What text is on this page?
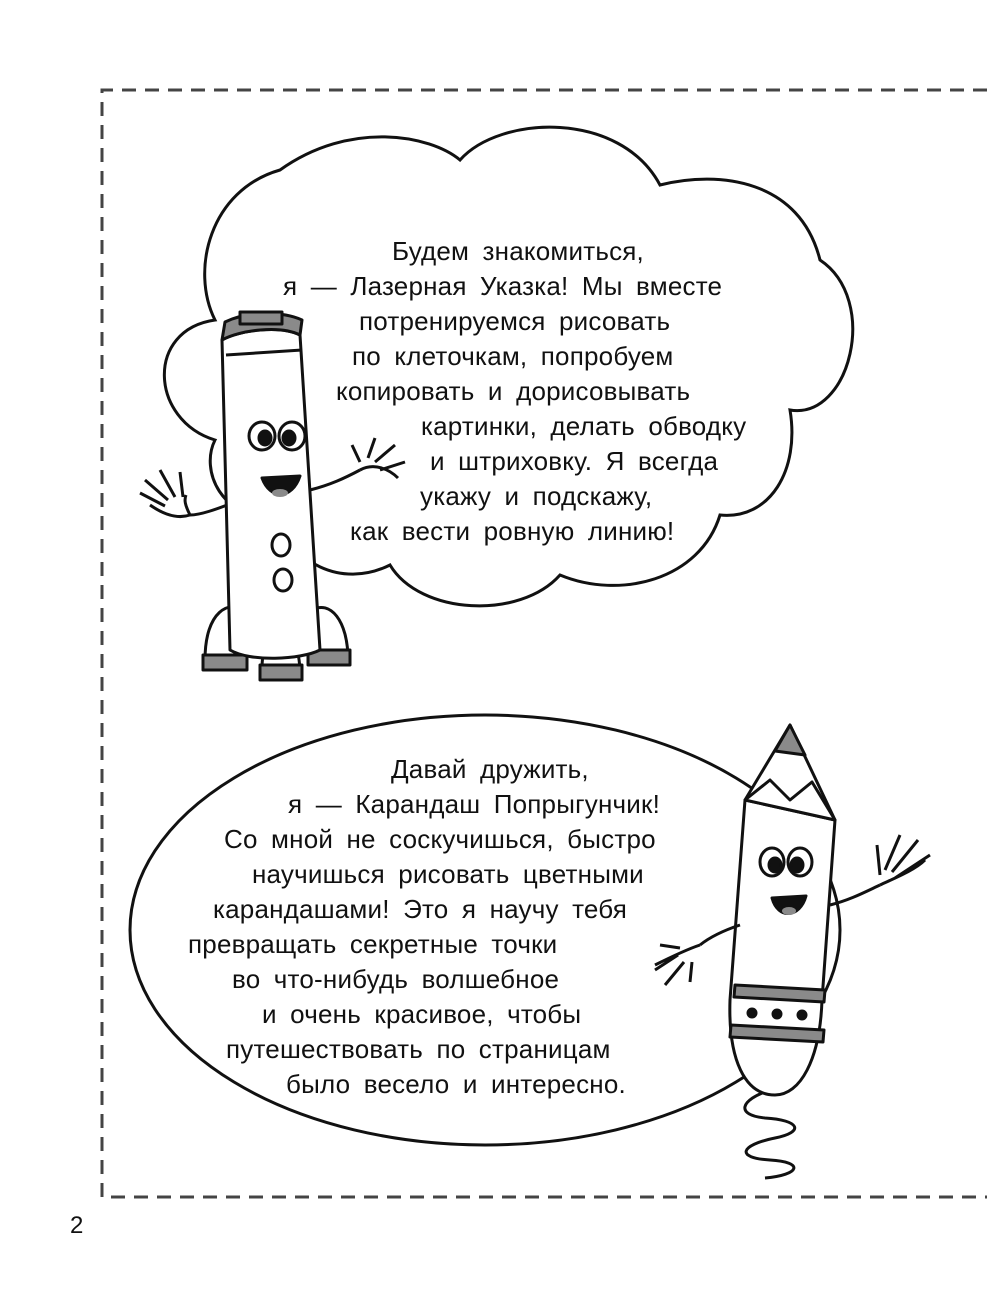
Будем знакомиться,
я — Лазерная Указка! Мы вместе
потренируемся рисовать
по клеточкам, попробуем
копировать и дорисовывать
картинки, делать обводку
и штриховку. Я всегда
укажу и подскажу,
как вести ровную линию!

Давай дружить,
я — Карандаш Попрыгунчик!
Со мной не соскучишься, быстро
научишься рисовать цветными
карандашами! Это я научу тебя
превращать секретные точки
во что-нибудь волшебное
и очень красивое, чтобы
путешествовать по страницам
было весело и интересно.

2
